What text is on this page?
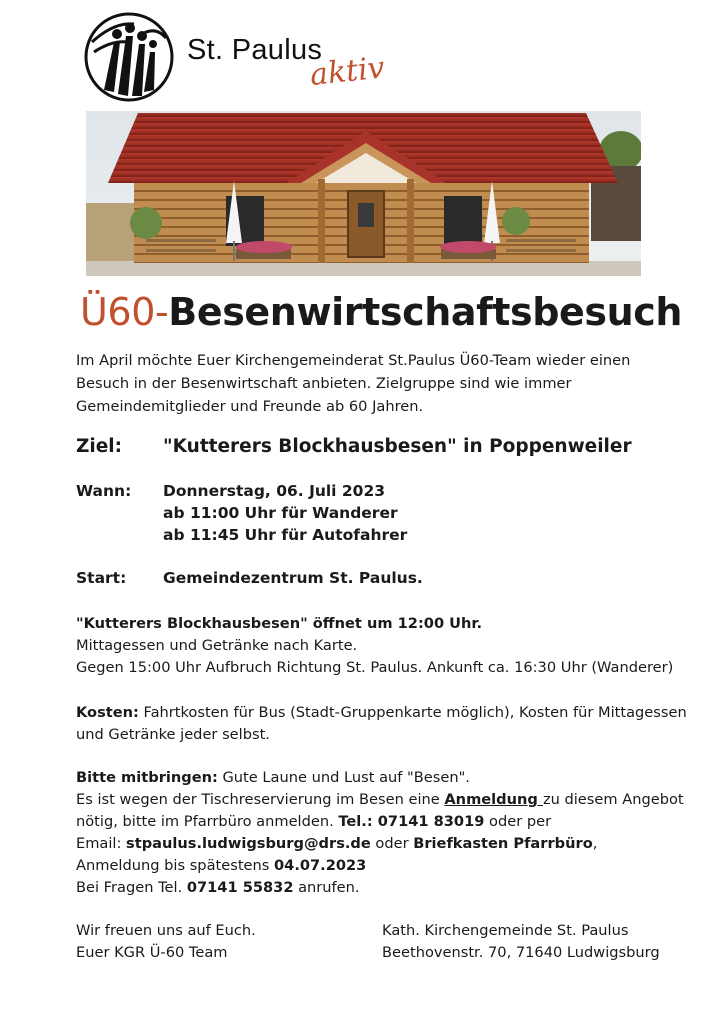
St. Paulus
aktiv
Ü60-Besenwirtschaftsbesuch
Im April möchte Euer Kirchengemeinderat St.Paulus Ü60-Team wieder einen
Besuch in der Besenwirtschaft anbieten. Zielgruppe sind wie immer
Gemeindemitglieder und Freunde ab 60 Jahren.
Ziel: "Kutterers Blockhausbesen" in Poppenweiler
Wann: Donnerstag, 06. Juli 2023
ab 11:00 Uhr für Wanderer
ab 11:45 Uhr für Autofahrer
Start: Gemeindezentrum St. Paulus.
"Kutterers Blockhausbesen" öffnet um 12:00 Uhr.
Mittagessen und Getränke nach Karte.
Gegen 15:00 Uhr Aufbruch Richtung St. Paulus. Ankunft ca. 16:30 Uhr (Wanderer)
Kosten: Fahrtkosten für Bus (Stadt-Gruppenkarte möglich), Kosten für Mittagessen
und Getränke jeder selbst.
Bitte mitbringen: Gute Laune und Lust auf "Besen".
Es ist wegen der Tischreservierung im Besen eine Anmeldung zu diesem Angebot
nötig, bitte im Pfarrbüro anmelden. Tel.: 07141 83019 oder per
Email: stpaulus.ludwigsburg@drs.de oder Briefkasten Pfarrbüro,
Anmeldung bis spätestens 04.07.2023
Bei Fragen Tel. 07141 55832 anrufen.
Wir freuen uns auf Euch.
Euer KGR Ü-60 Team
Kath. Kirchengemeinde St. Paulus
Beethovenstr. 70, 71640 Ludwigsburg
